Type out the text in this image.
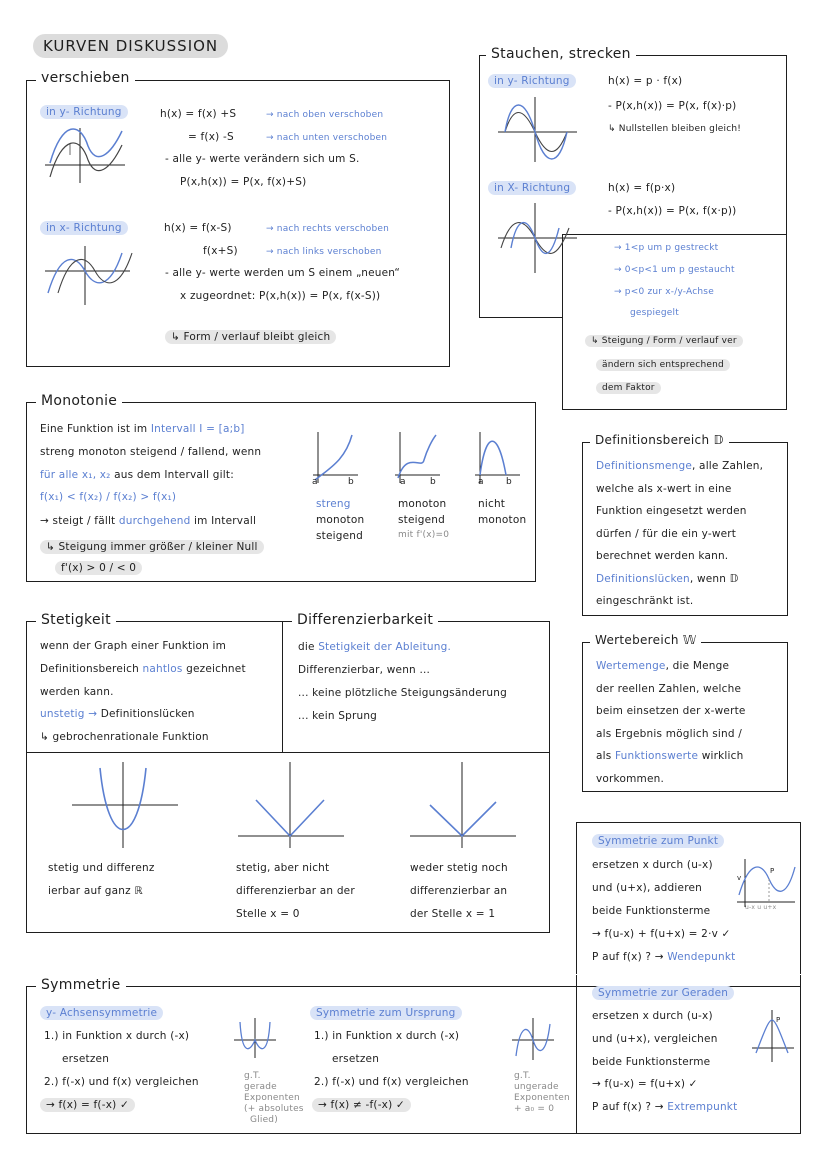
KURVEN DISKUSSION
verschieben
in y- Richtung	h(x) = f(x) +S	→ nach oben verschoben
= f(x) -S	→ nach unten verschoben
- alle y- werte verändern sich um S.
P(x,h(x)) = P(x, f(x)+S)
in x- Richtung	h(x) = f(x-S)	→ nach rechts verschoben
f(x+S)	→ nach links verschoben
- alle y- werte werden um S einem „neuen“
x zugeordnet: P(x,h(x)) = P(x, f(x-S))
↳ Form / verlauf bleibt gleich
Stauchen, strecken
in y- Richtung	h(x) = p · f(x)
- P(x,h(x)) = P(x, f(x)·p)
↳ Nullstellen bleiben gleich!
in X- Richtung	h(x) = f(p·x)
- P(x,h(x)) = P(x, f(x·p))
→ 1<p um p gestreckt
→ 0<p<1 um p gestaucht
→ p<0 zur x-/y-Achse
gespiegelt
↳ Steigung / Form / verlauf ver
ändern sich entsprechend
dem Faktor
Monotonie
Eine Funktion ist im Intervall I = [a;b]
streng monoton steigend / fallend, wenn
für alle x₁, x₂ aus dem Intervall gilt:
f(x₁) < f(x₂) / f(x₂) > f(x₁)
→ steigt / fällt durchgehend im Intervall
↳ Steigung immer größer / kleiner Null
f'(x) > 0 / < 0
a	b	a	b	a b
streng
monoton
steigend
monoton
steigend
mit f'(x)=0
nicht
monoton
Definitionsbereich 𝔻
Definitionsmenge, alle Zahlen,
welche als x-wert in eine
Funktion eingesetzt werden
dürfen / für die ein y-wert
berechnet werden kann.
Definitionslücken, wenn 𝔻
eingeschränkt ist.
Stetigkeit	Differenzierbarkeit
wenn der Graph einer Funktion im
Definitionsbereich nahtlos gezeichnet
werden kann.
unstetig → Definitionslücken
↳ gebrochenrationale Funktion
die Stetigkeit der Ableitung.
Differenzierbar, wenn ...
... keine plötzliche Steigungsänderung
... kein Sprung
stetig und differenz
ierbar auf ganz ℝ
stetig, aber nicht
differenzierbar an der
Stelle x = 0
weder stetig noch
differenzierbar an
der Stelle x = 1
Wertebereich 𝕎
Wertemenge, die Menge
der reellen Zahlen, welche
beim einsetzen der x-werte
als Ergebnis möglich sind /
als Funktionswerte wirklich
vorkommen.
Symmetrie
Symmetrie zum Punkt
ersetzen x durch (u-x)
und (u+x), addieren
beide Funktionsterme
→ f(u-x) + f(u+x) = 2·v ✓
P auf f(x) ? → Wendepunkt
P
v
u-x u u+x
Symmetrie zur Geraden
ersetzen x durch (u-x)
und (u+x), vergleichen
beide Funktionsterme
→ f(u-x) = f(u+x) ✓
P auf f(x) ? → Extrempunkt
P
y- Achsensymmetrie
1.) in Funktion x durch (-x)
ersetzen
2.) f(-x) und f(x) vergleichen
→ f(x) = f(-x) ✓
g.T.
gerade
Exponenten
(+ absolutes
Glied)
Symmetrie zum Ursprung
1.) in Funktion x durch (-x)
ersetzen
2.) f(-x) und f(x) vergleichen
→ f(x) ≠ -f(-x) ✓
g.T.
ungerade
Exponenten
+ a₀ = 0
